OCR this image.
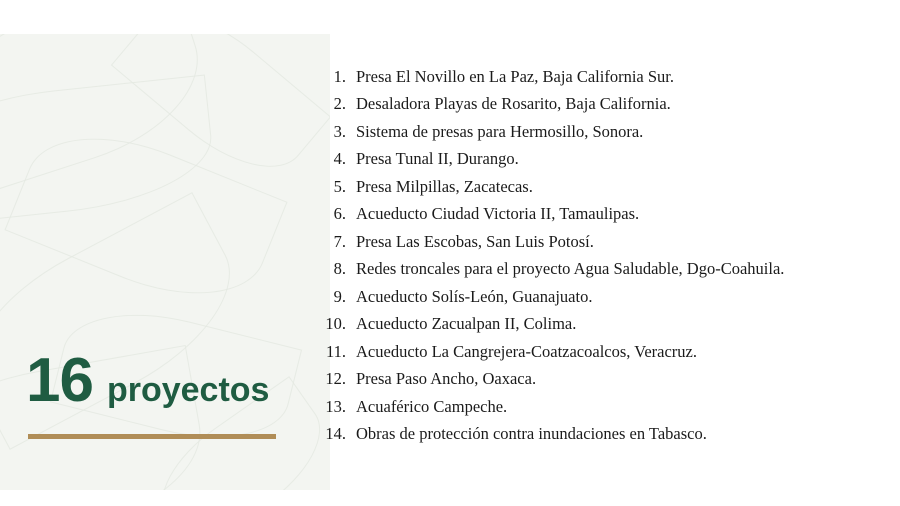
16 proyectos
1. Presa El Novillo en La Paz, Baja California Sur.
2. Desaladora Playas de Rosarito, Baja California.
3. Sistema de presas para Hermosillo, Sonora.
4. Presa Tunal II, Durango.
5. Presa Milpillas, Zacatecas.
6. Acueducto Ciudad Victoria II, Tamaulipas.
7. Presa Las Escobas, San Luis Potosí.
8. Redes troncales para el proyecto Agua Saludable, Dgo-Coahuila.
9. Acueducto Solís-León, Guanajuato.
10. Acueducto Zacualpan II, Colima.
11. Acueducto La Cangrejera-Coatzacoalcos, Veracruz.
12. Presa Paso Ancho, Oaxaca.
13. Acuaférico Campeche.
14. Obras de protección contra inundaciones en Tabasco.
